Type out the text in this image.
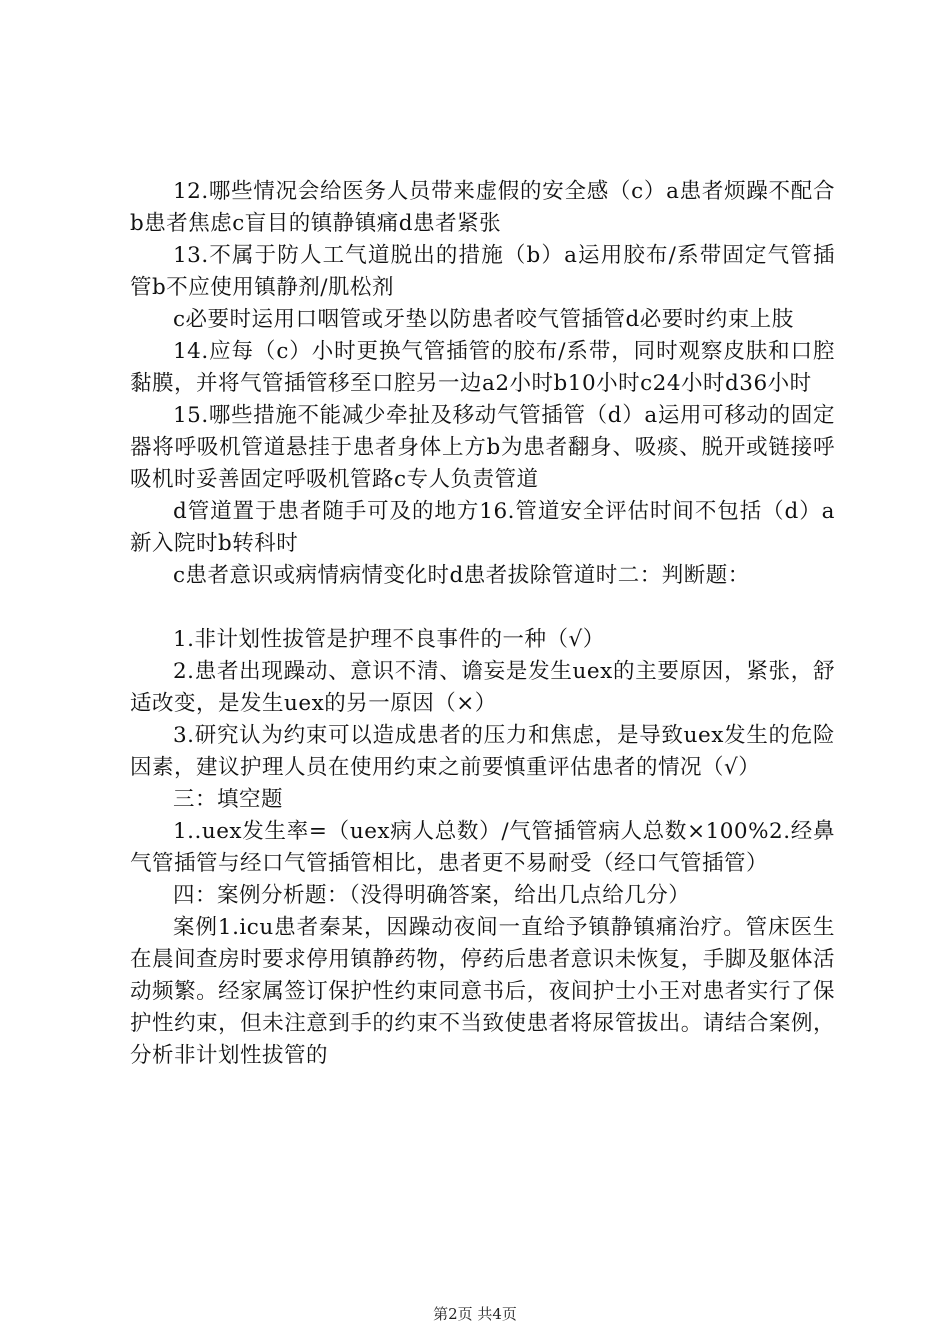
12.哪些情况会给医务人员带来虚假的安全感（c）a患者烦躁不配合b患者焦虑c盲目的镇静镇痛d患者紧张

13.不属于防人工气道脱出的措施（b）a运用胶布/系带固定气管插管b不应使用镇静剂/肌松剂

c必要时运用口咽管或牙垫以防患者咬气管插管d必要时约束上肢

14.应每（c）小时更换气管插管的胶布/系带，同时观察皮肤和口腔黏膜，并将气管插管移至口腔另一边a2小时b10小时c24小时d36小时

15.哪些措施不能减少牵扯及移动气管插管（d）a运用可移动的固定器将呼吸机管道悬挂于患者身体上方b为患者翻身、吸痰、脱开或链接呼吸机时妥善固定呼吸机管路c专人负责管道

d管道置于患者随手可及的地方16.管道安全评估时间不包括（d）a新入院时b转科时

c患者意识或病情病情变化时d患者拔除管道时二：判断题：

1.非计划性拔管是护理不良事件的一种（√）

2.患者出现躁动、意识不清、谵妄是发生uex的主要原因，紧张，舒适改变，是发生uex的另一原因（×）

3.研究认为约束可以造成患者的压力和焦虑，是导致uex发生的危险因素，建议护理人员在使用约束之前要慎重评估患者的情况（√）

三：填空题

1..uex发生率=（uex病人总数）/气管插管病人总数×100%2.经鼻气管插管与经口气管插管相比，患者更不易耐受（经口气管插管）

四：案例分析题：（没得明确答案，给出几点给几分）

案例1.icu患者秦某，因躁动夜间一直给予镇静镇痛治疗。管床医生在晨间查房时要求停用镇静药物，停药后患者意识未恢复，手脚及躯体活动频繁。经家属签订保护性约束同意书后，夜间护士小王对患者实行了保护性约束，但未注意到手的约束不当致使患者将尿管拔出。请结合案例，分析非计划性拔管的

第2页 共4页
